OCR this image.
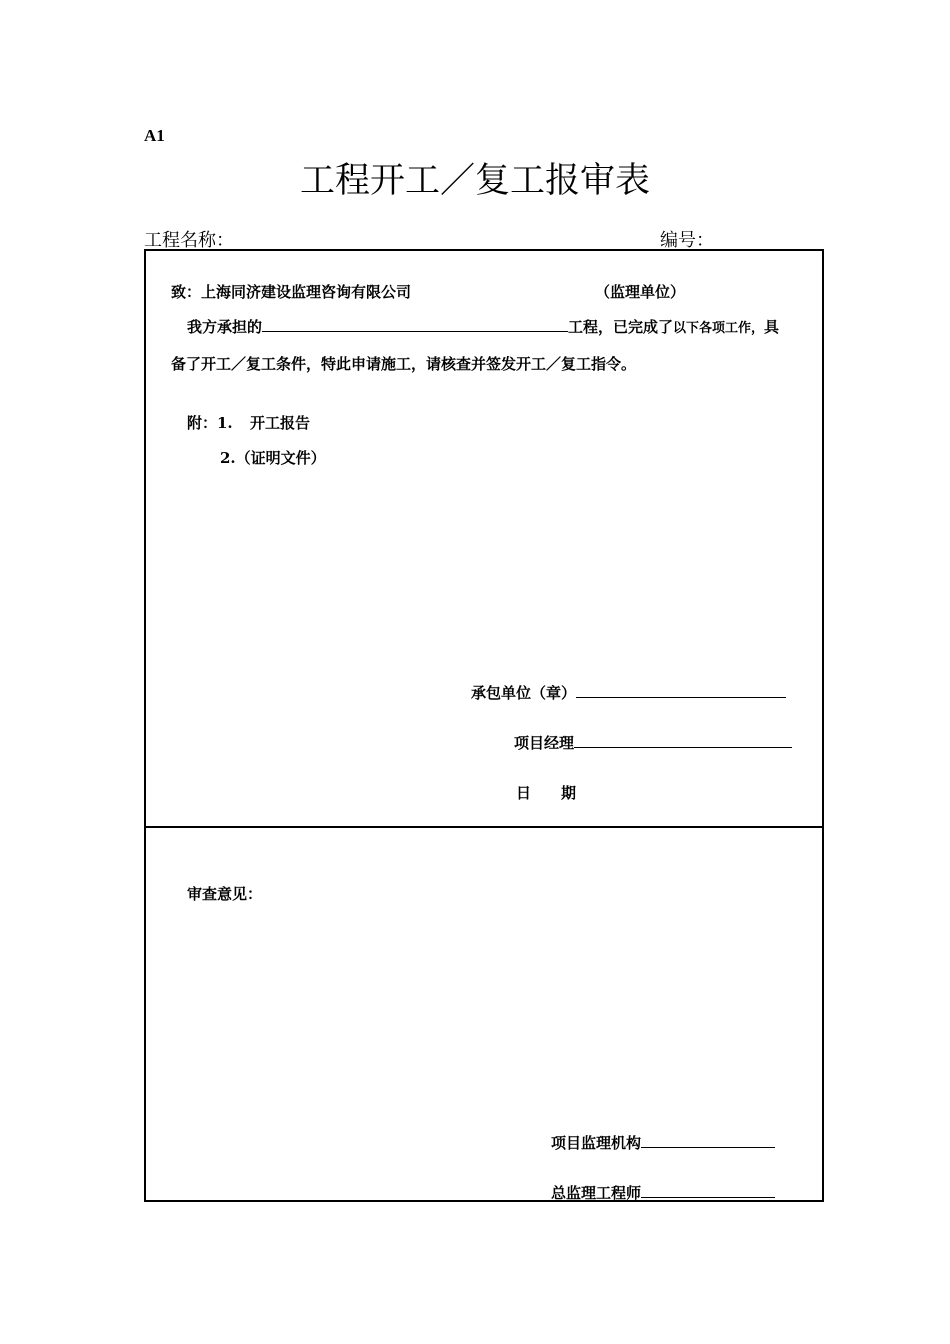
A1
工程开工／复工报审表
工程名称：	编号：
致：上海同济建设监理咨询有限公司	（监理单位）
我方承担的	工程，已完成了以下各项工作，具
备了开工／复工条件，特此申请施工，请核查并签发开工／复工指令。
附：1. 开工报告
2.（证明文件）
承包单位（章）
项目经理
日　　期
审查意见：
项目监理机构
总监理工程师
